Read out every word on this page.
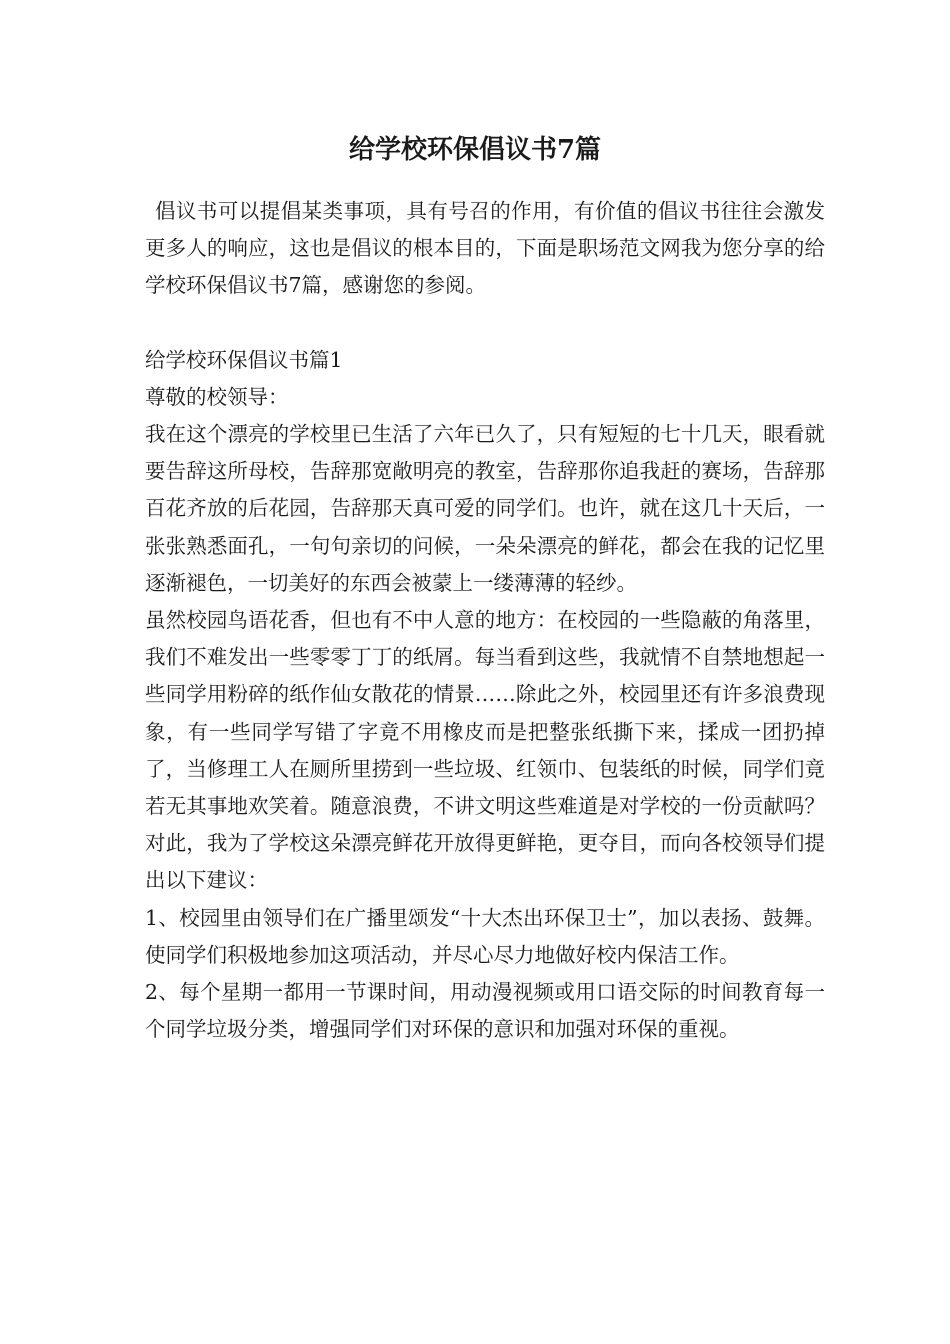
给学校环保倡议书7篇

倡议书可以提倡某类事项，具有号召的作用，有价值的倡议书往往会激发更多人的响应，这也是倡议的根本目的，下面是职场范文网我为您分享的给学校环保倡议书7篇，感谢您的参阅。

给学校环保倡议书篇1

尊敬的校领导：

我在这个漂亮的学校里已生活了六年已久了，只有短短的七十几天，眼看就要告辞这所母校，告辞那宽敞明亮的教室，告辞那你追我赶的赛场，告辞那百花齐放的后花园，告辞那天真可爱的同学们。也许，就在这几十天后，一张张熟悉面孔，一句句亲切的问候，一朵朵漂亮的鲜花，都会在我的记忆里逐渐褪色，一切美好的东西会被蒙上一缕薄薄的轻纱。

虽然校园鸟语花香，但也有不中人意的地方：在校园的一些隐蔽的角落里，我们不难发出一些零零丁丁的纸屑。每当看到这些，我就情不自禁地想起一些同学用粉碎的纸作仙女散花的情景……除此之外，校园里还有许多浪费现象，有一些同学写错了字竟不用橡皮而是把整张纸撕下来，揉成一团扔掉了，当修理工人在厕所里捞到一些垃圾、红领巾、包装纸的时候，同学们竟若无其事地欢笑着。随意浪费，不讲文明这些难道是对学校的一份贡献吗？对此，我为了学校这朵漂亮鲜花开放得更鲜艳，更夺目，而向各校领导们提出以下建议：

1、校园里由领导们在广播里颂发“十大杰出环保卫士”，加以表扬、鼓舞。使同学们积极地参加这项活动，并尽心尽力地做好校内保洁工作。

2、每个星期一都用一节课时间，用动漫视频或用口语交际的时间教育每一个同学垃圾分类，增强同学们对环保的意识和加强对环保的重视。
